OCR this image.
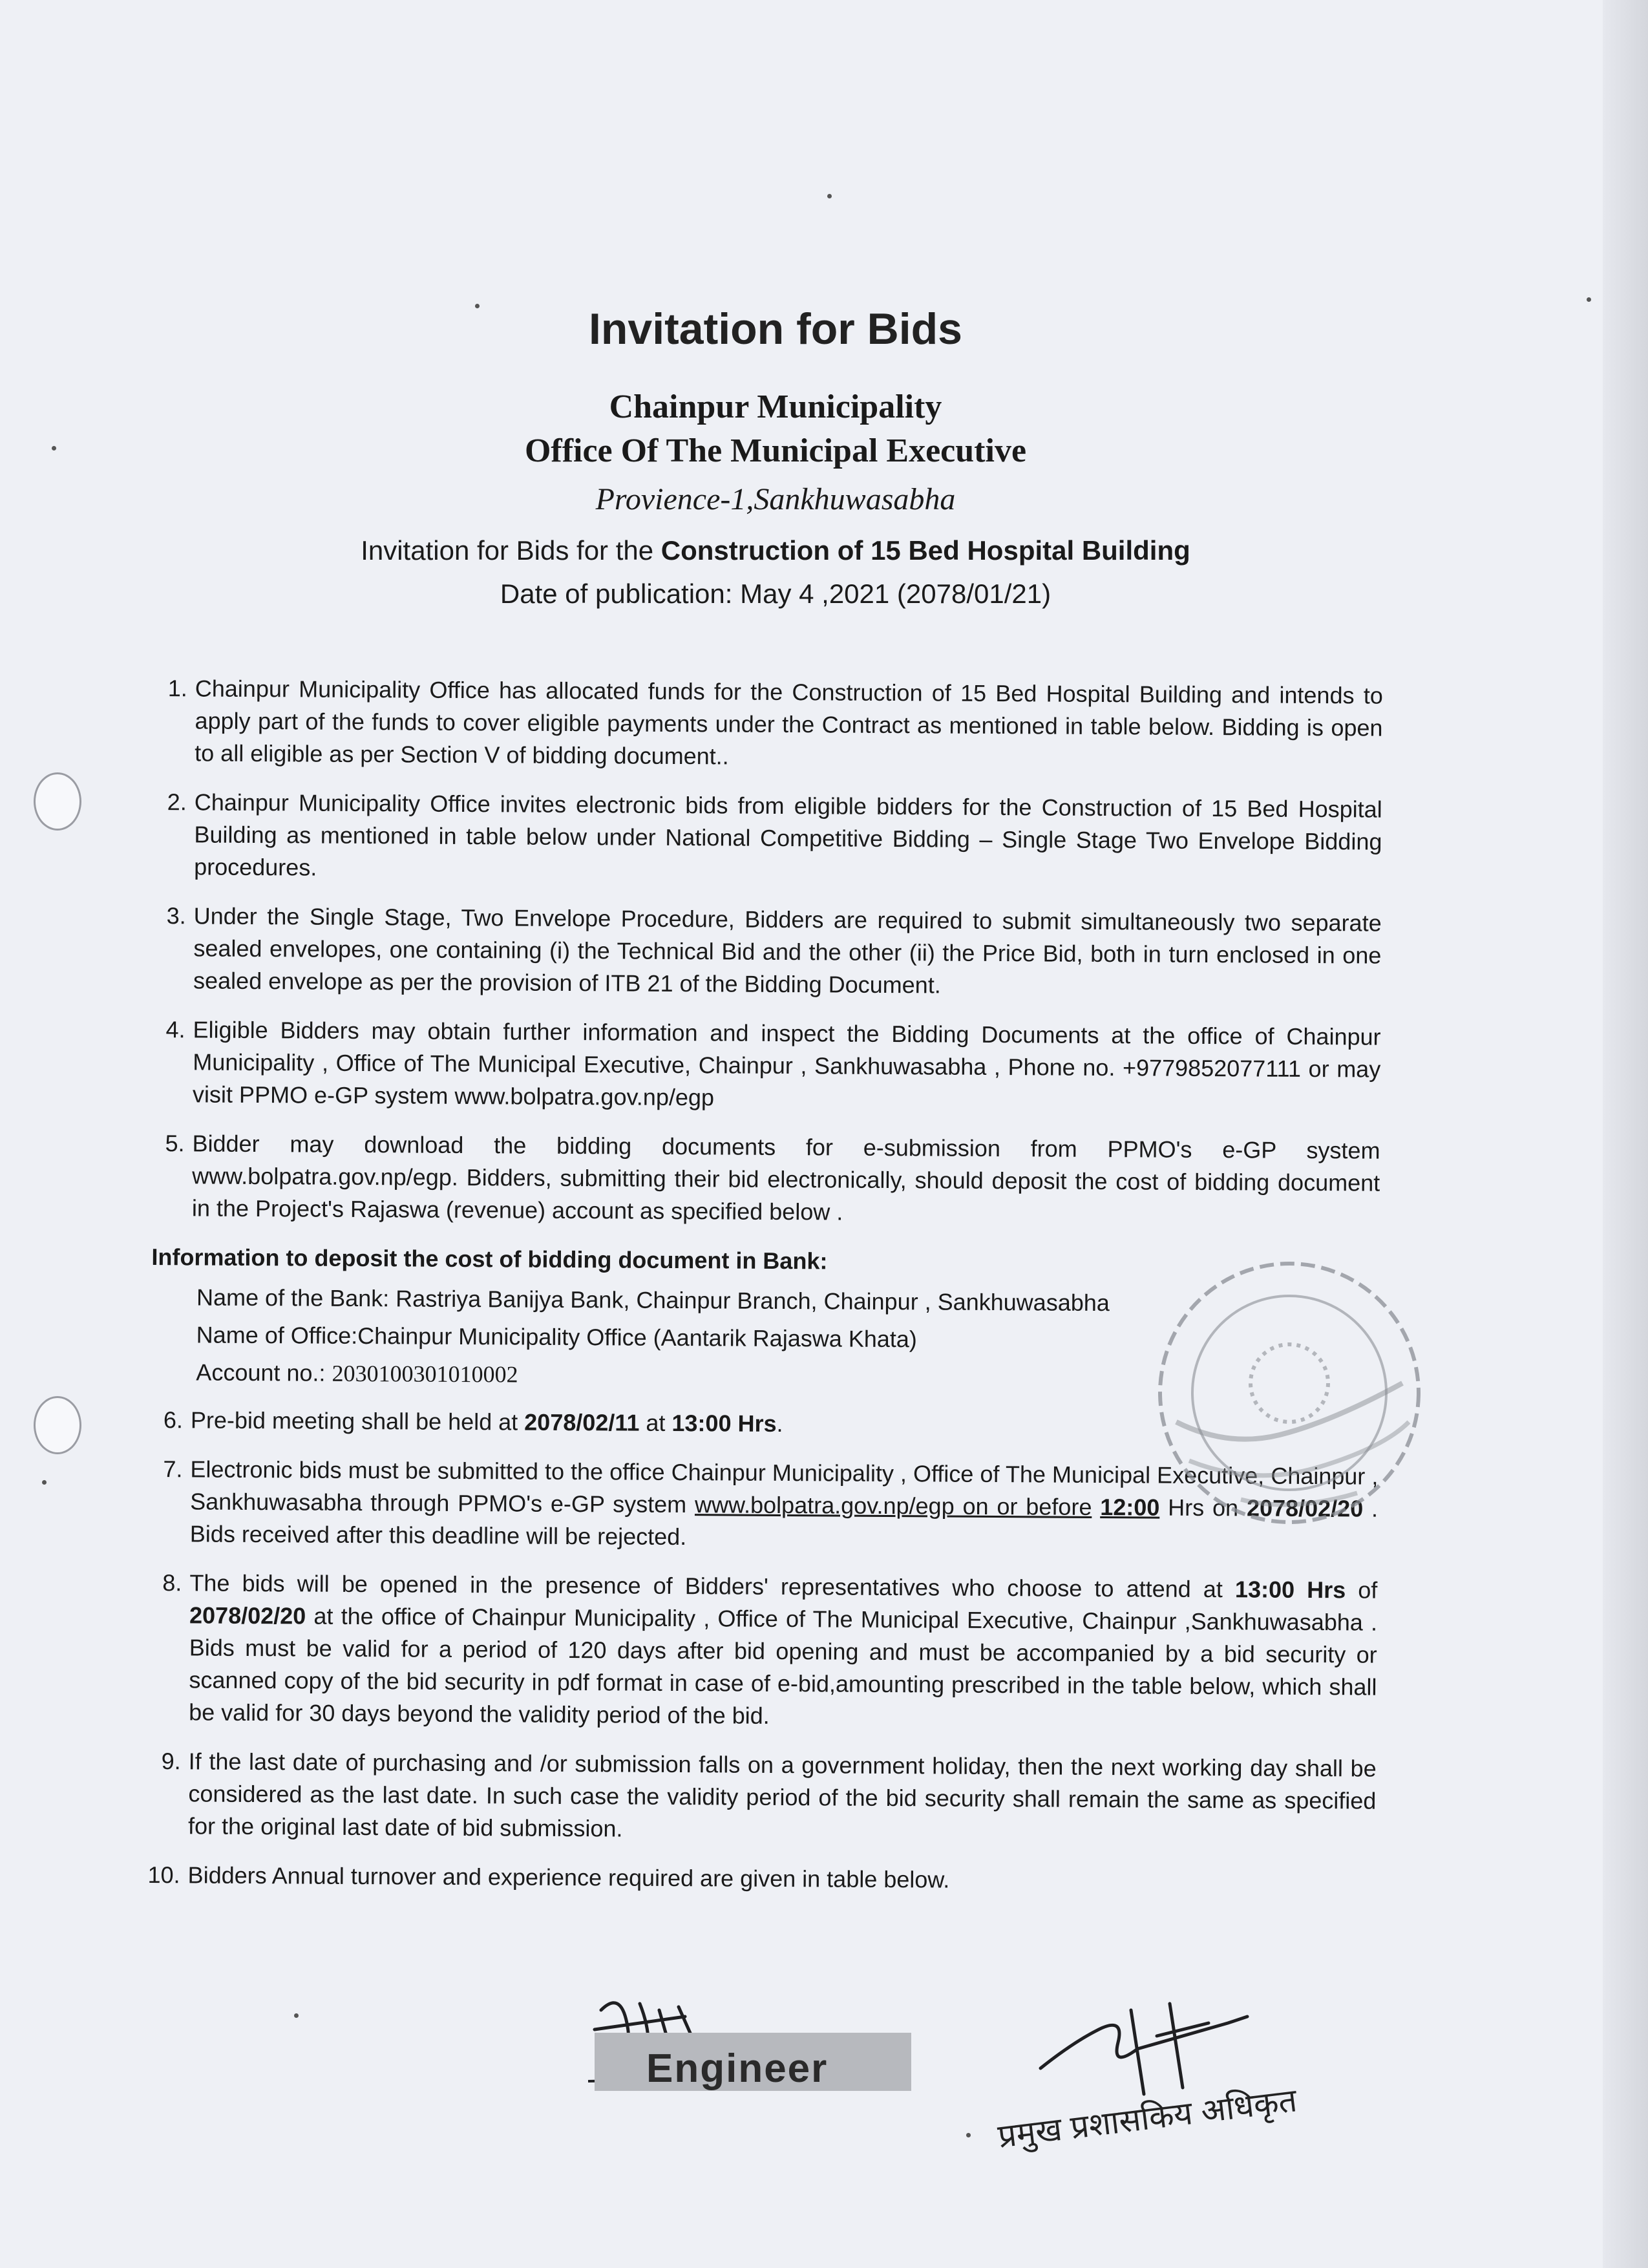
Invitation for Bids
Chainpur Municipality
Office Of The Municipal Executive
Provience-1,Sankhuwasabha
Invitation for Bids for the Construction of 15 Bed Hospital Building
Date of publication: May 4 ,2021 (2078/01/21)
1. Chainpur Municipality Office has allocated funds for the Construction of 15 Bed Hospital Building and intends to apply part of the funds to cover eligible payments under the Contract as mentioned in table below. Bidding is open to all eligible as per Section V of bidding document..
2. Chainpur Municipality Office invites electronic bids from eligible bidders for the Construction of 15 Bed Hospital Building as mentioned in table below under National Competitive Bidding – Single Stage Two Envelope Bidding procedures.
3. Under the Single Stage, Two Envelope Procedure, Bidders are required to submit simultaneously two separate sealed envelopes, one containing (i) the Technical Bid and the other (ii) the Price Bid, both in turn enclosed in one sealed envelope as per the provision of ITB 21 of the Bidding Document.
4. Eligible Bidders may obtain further information and inspect the Bidding Documents at the office of Chainpur Municipality , Office of The Municipal Executive, Chainpur , Sankhuwasabha , Phone no. +9779852077111 or may visit PPMO e-GP system www.bolpatra.gov.np/egp
5. Bidder may download the bidding documents for e-submission from PPMO's e-GP system www.bolpatra.gov.np/egp. Bidders, submitting their bid electronically, should deposit the cost of bidding document in the Project's Rajaswa (revenue) account as specified below .
Information to deposit the cost of bidding document in Bank:
Name of the Bank: Rastriya Banijya Bank, Chainpur Branch, Chainpur , Sankhuwasabha
Name of Office:Chainpur Municipality Office (Aantarik Rajaswa Khata)
Account no.: 2030100301010002
6. Pre-bid meeting shall be held at 2078/02/11 at 13:00 Hrs.
7. Electronic bids must be submitted to the office Chainpur Municipality , Office of The Municipal Executive, Chainpur , Sankhuwasabha through PPMO's e-GP system www.bolpatra.gov.np/egp on or before 12:00 Hrs on 2078/02/20 . Bids received after this deadline will be rejected.
8. The bids will be opened in the presence of Bidders' representatives who choose to attend at 13:00 Hrs of 2078/02/20 at the office of Chainpur Municipality , Office of The Municipal Executive, Chainpur ,Sankhuwasabha . Bids must be valid for a period of 120 days after bid opening and must be accompanied by a bid security or scanned copy of the bid security in pdf format in case of e-bid,amounting prescribed in the table below, which shall be valid for 30 days beyond the validity period of the bid.
9. If the last date of purchasing and /or submission falls on a government holiday, then the next working day shall be considered as the last date. In such case the validity period of the bid security shall remain the same as specified for the original last date of bid submission.
10. Bidders Annual turnover and experience required are given in table below.
Engineer
प्रमुख प्रशासकिय अधिकृत
